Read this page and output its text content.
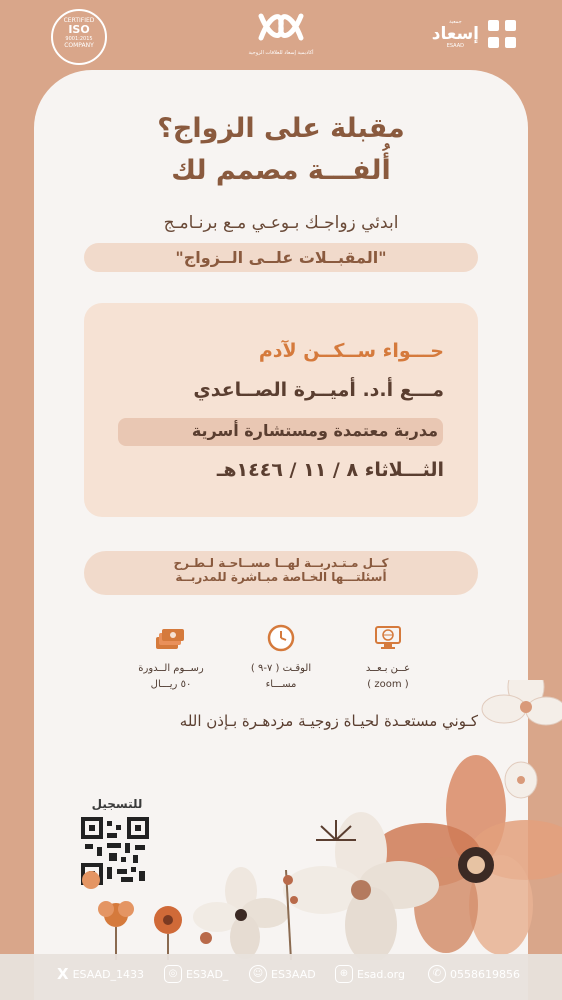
CERTIFIED
ISO
9001:2015
COMPANY
أكاديمية إسعاد للعلاقات الزوجية
جمعية
إسعاد
ESAAD
مقبلة على الزواج؟
أُلفـــة مصمم لك
ابدئي زواجـك بـوعـي مـع برنـامـج
"المقبــلات علــى الــزواج"
حـــواء ســكــن لآدم
مـــع أ.د. أميــرة الصــاعدي
مدربة معتمدة ومستشارة أسرية
الثـــلاثاء ٨ / ١١ / ١٤٤٦هـ
كــل مـتـدربــة لهــا مســاحـة لـطـرح
أسئلتـــها الخـاصة مبـاشرة للمدربــة
عــن بـعــد
( zoom )
الوقـت ( ٧-٩ )
مســـاء
رســوم الــدورة
٥٠ ريـــال
كـوني مستعـدة لحيـاة زوجيـة مزدهـرة بـإذن الله
للتسجيل
✆ 0558619856
⊕ Esad.org
☺ ES3AAD
◎ ES3AD_
X ESAAD_1433
